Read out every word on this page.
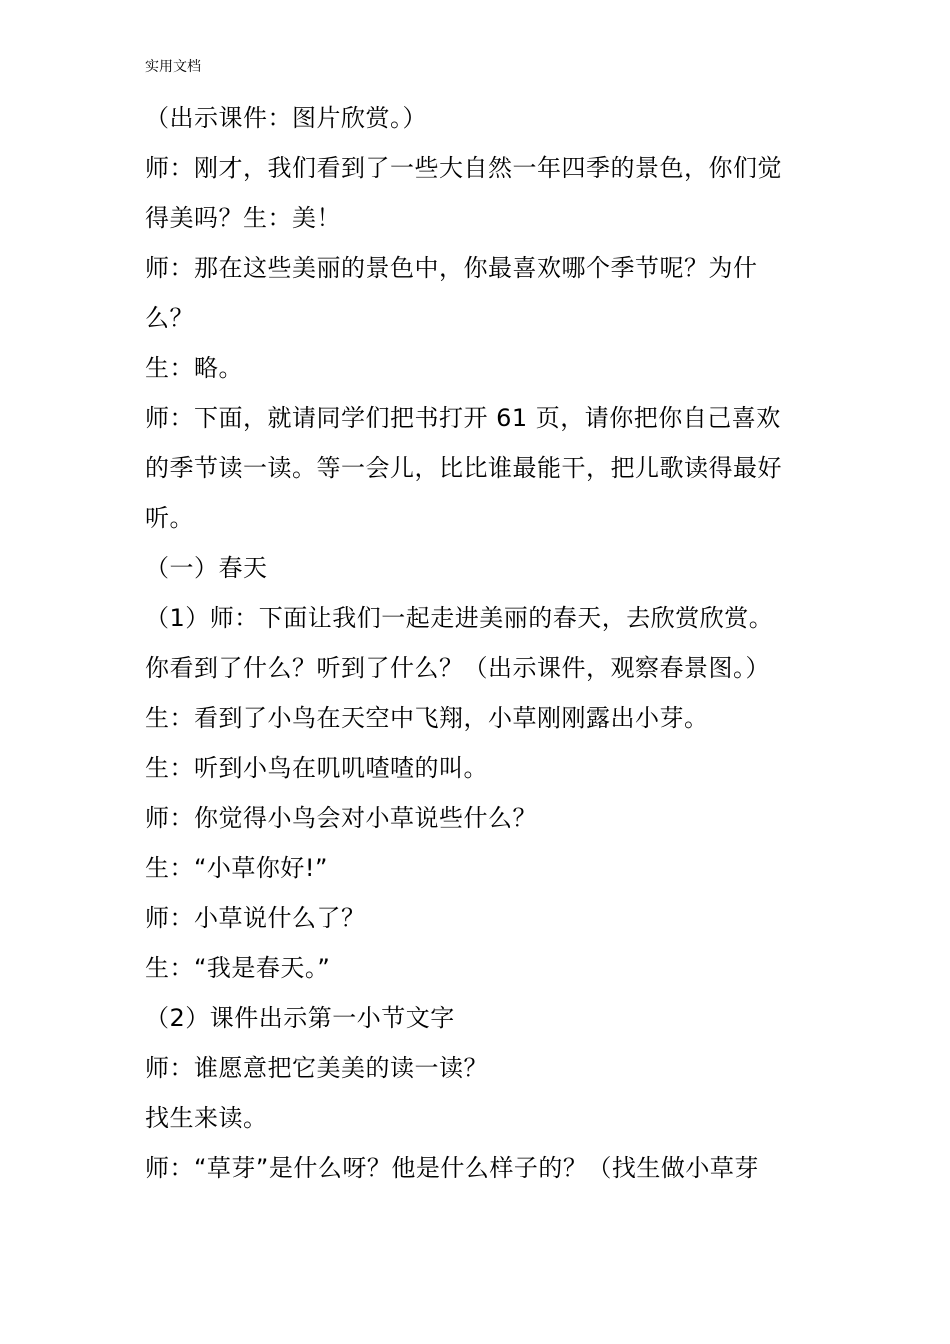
实用文档
（出示课件：图片欣赏。）
师：刚才，我们看到了一些大自然一年四季的景色，你们觉
得美吗？生：美！
师：那在这些美丽的景色中，你最喜欢哪个季节呢？为什
么？
生：略。
师：下面，就请同学们把书打开 61 页，请你把你自己喜欢
的季节读一读。等一会儿，比比谁最能干，把儿歌读得最好
听。
（一）春天
（1）师：下面让我们一起走进美丽的春天，去欣赏欣赏。
你看到了什么？听到了什么？（出示课件，观察春景图。）
生：看到了小鸟在天空中飞翔，小草刚刚露出小芽。
生：听到小鸟在叽叽喳喳的叫。
师：你觉得小鸟会对小草说些什么？
生：“小草你好!”
师：小草说什么了？
生：“我是春天。”
（2）课件出示第一小节文字
师：谁愿意把它美美的读一读？
找生来读。
师：“草芽”是什么呀？他是什么样子的？（找生做小草芽
